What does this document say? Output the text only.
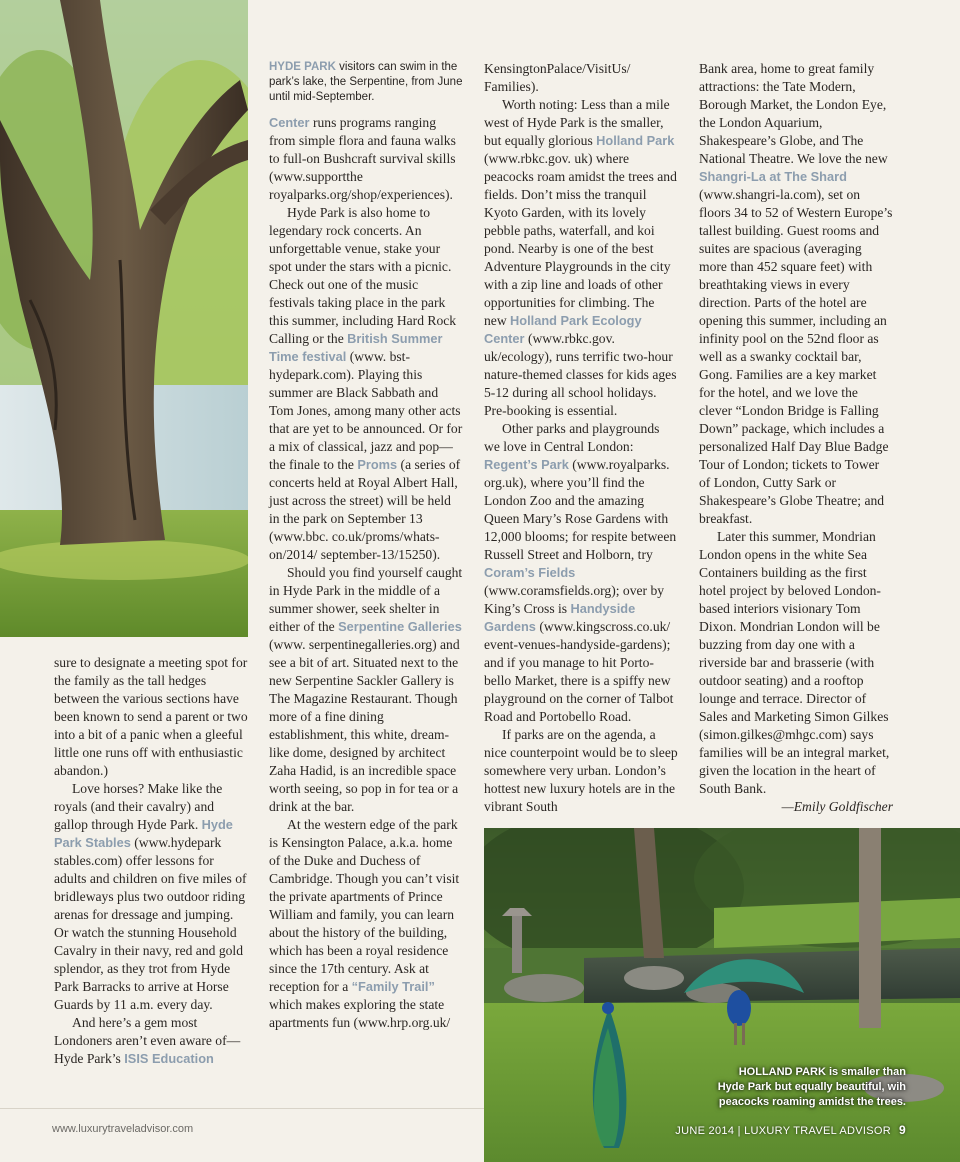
HYDE PARK visitors can swim in the park’s lake, the Serpentine, from June until mid-September.

sure to designate a meeting spot for the family as the tall hedges between the various sections have been known to send a parent or two into a bit of a panic when a gleeful little one runs off with enthusiastic abandon.)

Love horses? Make like the royals (and their cavalry) and gallop through Hyde Park. Hyde Park Stables (www.hydepark stables.com) offer lessons for adults and children on five miles of bridleways plus two outdoor riding arenas for dressage and jumping. Or watch the stunning Household Cavalry in their navy, red and gold splendor, as they trot from Hyde Park Barracks to arrive at Horse Guards by 11 a.m. every day.

And here’s a gem most Londoners aren’t even aware of— Hyde Park’s ISIS Education

Center runs programs ranging from simple flora and fauna walks to full-on Bushcraft survival skills (www.supportthe royalparks.org/shop/experiences).

Hyde Park is also home to legendary rock concerts. An unforgettable venue, stake your spot under the stars with a picnic. Check out one of the music festivals taking place in the park this summer, including Hard Rock Calling or the British Summer Time festival (www. bst-hydepark.com). Playing this summer are Black Sabbath and Tom Jones, among many other acts that are yet to be announced. Or for a mix of classical, jazz and pop—the finale to the Proms (a series of concerts held at Royal Albert Hall, just across the street) will be held in the park on September 13 (www.bbc. co.uk/proms/whats-on/2014/ september-13/15250).

Should you find yourself caught in Hyde Park in the middle of a summer shower, seek shelter in either of the Serpentine Galleries (www. serpentinegalleries.org) and see a bit of art. Situated next to the new Serpentine Sackler Gallery is The Magazine Restaurant. Though more of a fine dining establishment, this white, dream-like dome, designed by architect Zaha Hadid, is an incredible space worth seeing, so pop in for tea or a drink at the bar.

At the western edge of the park is Kensington Palace, a.k.a. home of the Duke and Duchess of Cambridge. Though you can’t visit the private apartments of Prince William and family, you can learn about the history of the building, which has been a royal residence since the 17th century. Ask at reception for a “Family Trail” which makes exploring the state apartments fun (www.hrp.org.uk/

KensingtonPalace/VisitUs/ Families).

Worth noting: Less than a mile west of Hyde Park is the smaller, but equally glorious Holland Park (www.rbkc.gov. uk) where peacocks roam amidst the trees and fields. Don’t miss the tranquil Kyoto Garden, with its lovely pebble paths, waterfall, and koi pond. Nearby is one of the best Adventure Playgrounds in the city with a zip line and loads of other opportunities for climbing. The new Holland Park Ecology Center (www.rbkc.gov. uk/ecology), runs terrific two-hour nature-themed classes for kids ages 5-12 during all school holidays. Pre-booking is essential.

Other parks and playgrounds we love in Central London: Regent’s Park (www.royalparks. org.uk), where you’ll find the London Zoo and the amazing Queen Mary’s Rose Gardens with 12,000 blooms; for respite between Russell Street and Holborn, try Coram’s Fields (www.coramsfields.org); over by King’s Cross is Handyside Gardens (www.kingscross.co.uk/ event-venues-handyside-gardens); and if you manage to hit Porto-bello Market, there is a spiffy new playground on the corner of Talbot Road and Portobello Road.

If parks are on the agenda, a nice counterpoint would be to sleep somewhere very urban. London’s hottest new luxury hotels are in the vibrant South

Bank area, home to great family attractions: the Tate Modern, Borough Market, the London Eye, the London Aquarium, Shakespeare’s Globe, and The National Theatre. We love the new Shangri-La at The Shard (www.shangri-la.com), set on floors 34 to 52 of Western Europe’s tallest building. Guest rooms and suites are spacious (averaging more than 452 square feet) with breathtaking views in every direction. Parts of the hotel are opening this summer, including an infinity pool on the 52nd floor as well as a swanky cocktail bar, Gong. Families are a key market for the hotel, and we love the clever “London Bridge is Falling Down” package, which includes a personalized Half Day Blue Badge Tour of London; tickets to Tower of London, Cutty Sark or Shakespeare’s Globe Theatre; and breakfast.

Later this summer, Mondrian London opens in the white Sea Containers building as the first hotel project by beloved London-based interiors visionary Tom Dixon. Mondrian London will be buzzing from day one with a riverside bar and brasserie (with outdoor seating) and a rooftop lounge and terrace. Director of Sales and Marketing Simon Gilkes (simon.gilkes@mhgc.com) says families will be an integral market, given the location in the heart of South Bank.

—Emily Goldfischer

HOLLAND PARK is smaller than
Hyde Park but equally beautiful, wih
peacocks roaming amidst the trees.
www.luxurytraveladvisor.com	JUNE 2014 | LUXURY TRAVEL ADVISOR 9
